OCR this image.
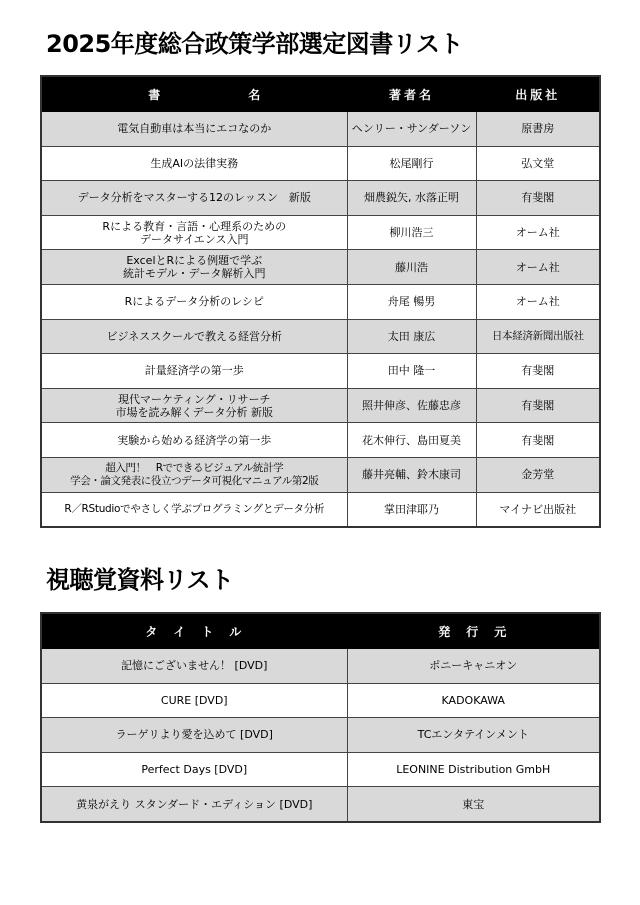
2025年度総合政策学部選定図書リスト
書 名	著者名	出版社
電気自動車は本当にエコなのか	ヘンリー・サンダーソン	原書房
生成AIの法律実務	松尾剛行	弘文堂
データ分析をマスターする12のレッスン　新版	畑農鋭矢, 水落正明	有斐閣

Rによる教育・言語・心理系のための
データサイエンス入門	柳川浩三	オーム社

ExcelとRによる例題で学ぶ
統計モデル・データ解析入門	藤川浩	オーム社
Rによるデータ分析のレシピ	舟尾 暢男	オーム社
ビジネススクールで教える経営分析	太田 康広	日本経済新聞出版社
計量経済学の第一歩	田中 隆一	有斐閣

現代マーケティング・リサーチ
市場を読み解くデータ分析 新版	照井伸彦、佐藤忠彦	有斐閣
実験から始める経済学の第一歩	花木伸行、島田夏美	有斐閣

超入門！　Rでできるビジュアル統計学
学会・論文発表に役立つデータ可視化マニュアル第2版	藤井亮輔、鈴木康司	金芳堂
R／RStudioでやさしく学ぶプログラミングとデータ分析	掌田津耶乃	マイナビ出版社
視聴覚資料リスト
タ　イ　ト　ル	発　行　元
記憶にございません！ [DVD]	ポニーキャニオン
CURE [DVD]	KADOKAWA
ラーゲリより愛を込めて [DVD]	TCエンタテインメント
Perfect Days [DVD]	LEONINE Distribution GmbH
黄泉がえり スタンダード・エディション [DVD]	東宝
